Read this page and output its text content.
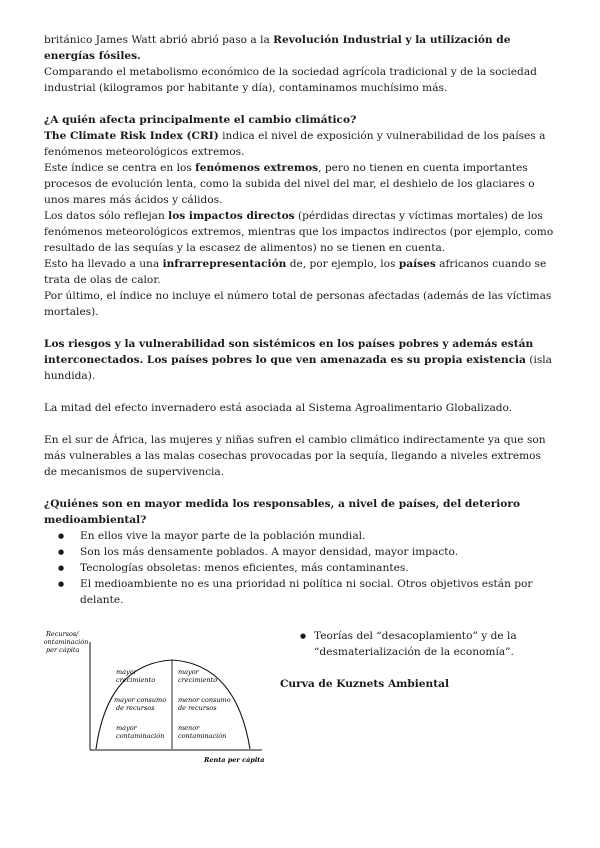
británico James Watt abrió abrió paso a la Revolución Industrial y la utilización de energías fósiles.

Comparando el metabolismo económico de la sociedad agrícola tradicional y de la sociedad industrial (kilogramos por habitante y día), contaminamos muchísimo más.

¿A quién afecta principalmente el cambio climático?

The Climate Risk Index (CRI) indica el nivel de exposición y vulnerabilidad de los países a fenómenos meteorológicos extremos.

Este índice se centra en los fenómenos extremos, pero no tienen en cuenta importantes procesos de evolución lenta, como la subida del nivel del mar, el deshielo de los glaciares o unos mares más ácidos y cálidos.

Los datos sólo reflejan los impactos directos (pérdidas directas y víctimas mortales) de los fenómenos meteorológicos extremos, mientras que los impactos indirectos (por ejemplo, como resultado de las sequías y la escasez de alimentos) no se tienen en cuenta.

Esto ha llevado a una infrarrepresentación de, por ejemplo, los países africanos cuando se trata de olas de calor.

Por último, el índice no incluye el número total de personas afectadas (además de las víctimas mortales).

Los riesgos y la vulnerabilidad son sistémicos en los países pobres y además están interconectados. Los países pobres lo que ven amenazada es su propia existencia (isla hundida).

La mitad del efecto invernadero está asociada al Sistema Agroalimentario Globalizado.

En el sur de África, las mujeres y niñas sufren el cambio climático indirectamente ya que son más vulnerables a las malas cosechas provocadas por la sequía, llegando a niveles extremos de mecanismos de supervivencia.

¿Quiénes son en mayor medida los responsables, a nivel de países, del deterioro medioambiental?

● En ellos vive la mayor parte de la población mundial.
● Son los más densamente poblados. A mayor densidad, mayor impacto.
● Tecnologías obsoletas: menos eficientes, más contaminantes.
● El medioambiente no es una prioridad ni política ni social. Otros objetivos están por delante.
Recursos/
contaminación
per cápita
mayor
crecimiento
mayor consumo
de recursos
mayor
contaminación
mayor
crecimiento
menor consumo
de recursos
menor
contaminación
Renta per cápita

● Teorías del “desacoplamiento” y de la “desmaterialización de la economía”.

Curva de Kuznets Ambiental
